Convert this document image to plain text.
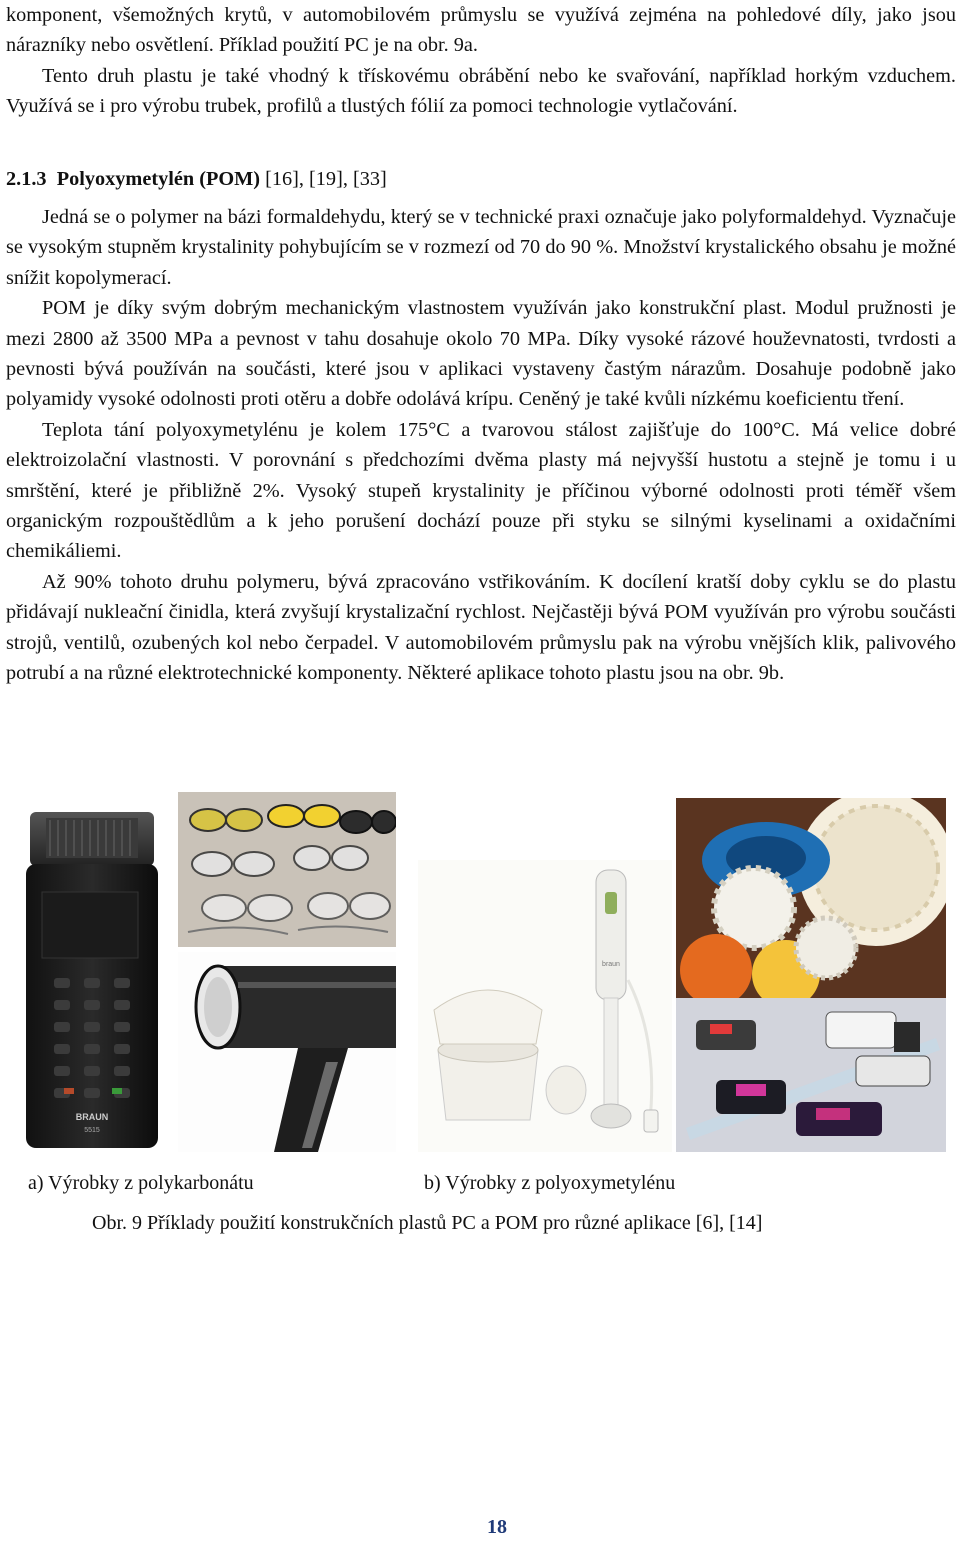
komponent, všemožných krytů, v automobilovém průmyslu se využívá zejména na pohledové díly, jako jsou nárazníky nebo osvětlení. Příklad použití PC je na obr. 9a.

Tento druh plastu je také vhodný k třískovému obrábění nebo ke svařování, například horkým vzduchem. Využívá se i pro výrobu trubek, profilů a tlustých fólií za pomoci technologie vytlačování.

2.1.3 Polyoxymetylén (POM) [16], [19], [33]

Jedná se o polymer na bázi formaldehydu, který se v technické praxi označuje jako polyformaldehyd. Vyznačuje se vysokým stupněm krystalinity pohybujícím se v rozmezí od 70 do 90 %. Množství krystalického obsahu je možné snížit kopolymerací.

POM je díky svým dobrým mechanickým vlastnostem využíván jako konstrukční plast. Modul pružnosti je mezi 2800 až 3500 MPa a pevnost v tahu dosahuje okolo 70 MPa. Díky vysoké rázové houževnatosti, tvrdosti a pevnosti bývá používán na součásti, které jsou v aplikaci vystaveny častým nárazům. Dosahuje podobně jako polyamidy vysoké odolnosti proti otěru a dobře odolává krípu. Ceněný je také kvůli nízkému koeficientu tření.

Teplota tání polyoxymetylénu je kolem 175°C a tvarovou stálost zajišťuje do 100°C. Má velice dobré elektroizolační vlastnosti. V porovnání s předchozími dvěma plasty má nejvyšší hustotu a stejně je tomu i u smrštění, které je přibližně 2%. Vysoký stupeň krystalinity je příčinou výborné odolnosti proti téměř všem organickým rozpouštědlům a k jeho porušení dochází pouze při styku se silnými kyselinami a oxidačními chemikáliemi.

Až 90% tohoto druhu polymeru, bývá zpracováno vstřikováním. K docílení kratší doby cyklu se do plastu přidávají nukleační činidla, která zvyšují krystalizační rychlost. Nejčastěji bývá POM využíván pro výrobu součásti strojů, ventilů, ozubených kol nebo čerpadel. V automobilovém průmyslu pak na výrobu vnějších klik, palivového potrubí a na různé elektrotechnické komponenty. Některé aplikace tohoto plastu jsou na obr. 9b.

BRAUN
5515
braun
a) Výrobky z polykarbonátu	b) Výrobky z polyoxymetylénu
Obr. 9 Příklady použití konstrukčních plastů PC a POM pro různé aplikace [6], [14]
18
